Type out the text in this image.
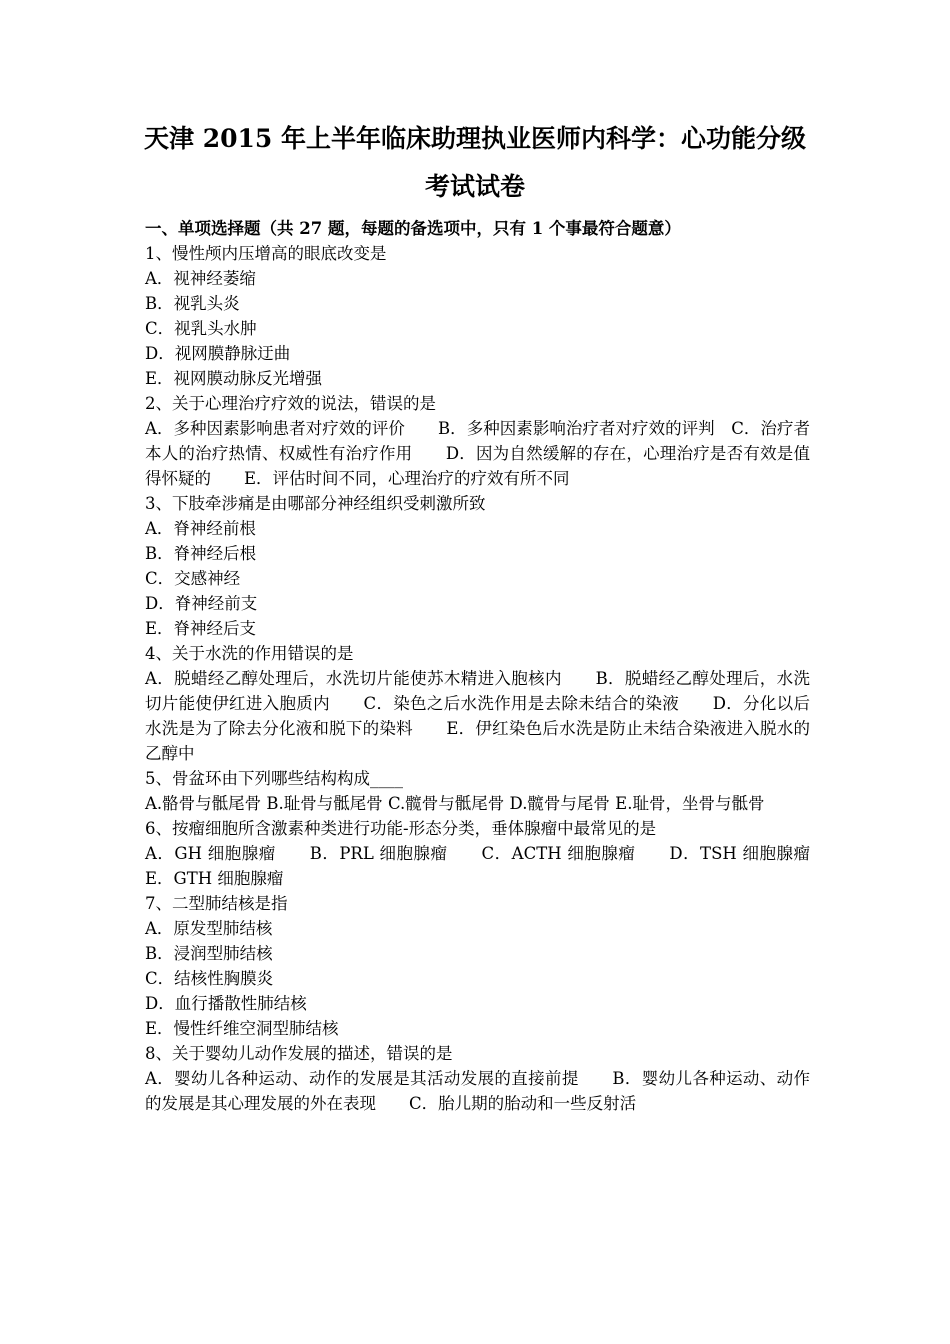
天津 2015 年上半年临床助理执业医师内科学：心功能分级
考试试卷
一、单项选择题（共 27 题，每题的备选项中，只有 1 个事最符合题意）
1、慢性颅内压增高的眼底改变是
A．视神经萎缩
B．视乳头炎
C．视乳头水肿
D．视网膜静脉迂曲
E．视网膜动脉反光增强
2、关于心理治疗疗效的说法，错误的是
A．多种因素影响患者对疗效的评价　　B．多种因素影响治疗者对疗效的评判　C．治疗者本人的治疗热情、权威性有治疗作用　　D．因为自然缓解的存在，心理治疗是否有效是值得怀疑的　　E．评估时间不同，心理治疗的疗效有所不同
3、下肢牵涉痛是由哪部分神经组织受刺激所致
A．脊神经前根
B．脊神经后根
C．交感神经
D．脊神经前支
E．脊神经后支
4、关于水洗的作用错误的是
A．脱蜡经乙醇处理后，水洗切片能使苏木精进入胞核内　　B．脱蜡经乙醇处理后，水洗切片能使伊红进入胞质内　　C．染色之后水洗作用是去除未结合的染液　　D．分化以后水洗是为了除去分化液和脱下的染料　　E．伊红染色后水洗是防止未结合染液进入脱水的乙醇中
5、骨盆环由下列哪些结构构成____
A.骼骨与骶尾骨 B.耻骨与骶尾骨 C.髋骨与骶尾骨 D.髋骨与尾骨 E.耻骨，坐骨与骶骨
6、按瘤细胞所含激素种类进行功能-形态分类，垂体腺瘤中最常见的是
A．GH 细胞腺瘤　　B．PRL 细胞腺瘤　　C．ACTH 细胞腺瘤　　D．TSH 细胞腺瘤　　E．GTH 细胞腺瘤
7、二型肺结核是指
A．原发型肺结核
B．浸润型肺结核
C．结核性胸膜炎
D．血行播散性肺结核
E．慢性纤维空洞型肺结核
8、关于婴幼儿动作发展的描述，错误的是
A．婴幼儿各种运动、动作的发展是其活动发展的直接前提　　B．婴幼儿各种运动、动作的发展是其心理发展的外在表现　　C．胎儿期的胎动和一些反射活
